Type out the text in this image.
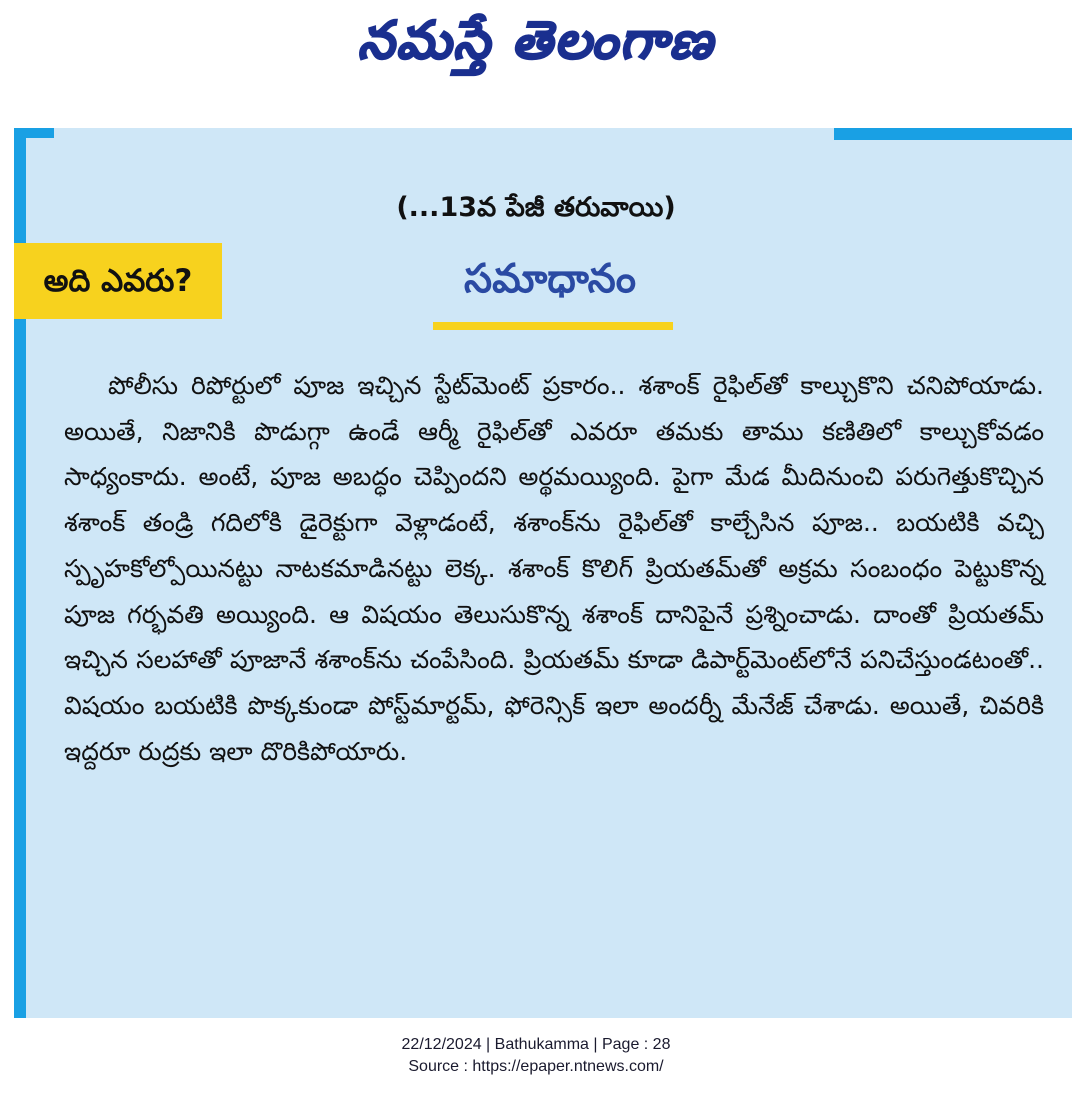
నమస్తే తెలంగాణ
(...13వ పేజీ తరువాయి)
అది ఎవరు?	సమాధానం

పోలీసు రిపోర్టులో పూజ ఇచ్చిన స్టేట్‌మెంట్ ప్రకారం.. శశాంక్ రైఫిల్‌తో కాల్చుకొని చనిపోయాడు. అయితే, నిజానికి పొడుగ్గా ఉండే ఆర్మీ రైఫిల్‌తో ఎవరూ తమకు తాము కణితిలో కాల్చుకోవడం సాధ్యంకాదు. అంటే, పూజ అబద్ధం చెప్పిందని అర్థమయ్యింది. పైగా మేడ మీదినుంచి పరుగెత్తుకొచ్చిన శశాంక్ తండ్రి గదిలోకి డైరెక్టుగా వెళ్లాడంటే, శశాంక్‌ను రైఫిల్‌తో కాల్చేసిన పూజ.. బయటికి వచ్చి స్పృహకోల్పోయినట్టు నాటకమాడినట్టు లెక్క. శశాంక్ కొలిగ్ ప్రియతమ్‌తో అక్రమ సంబంధం పెట్టుకొన్న పూజ గర్భవతి అయ్యింది. ఆ విషయం తెలుసుకొన్న శశాంక్ దానిపైనే ప్రశ్నించాడు. దాంతో ప్రియతమ్ ఇచ్చిన సలహాతో పూజానే శశాంక్‌ను చంపేసింది. ప్రియతమ్ కూడా డిపార్ట్‌మెంట్‌లోనే పనిచేస్తుండటంతో.. విషయం బయటికి పొక్కకుండా పోస్ట్‌మార్టమ్, ఫోరెన్సిక్ ఇలా అందర్నీ మేనేజ్ చేశాడు. అయితే, చివరికి ఇద్దరూ రుద్రకు ఇలా దొరికిపోయారు.

22/12/2024 | Bathukamma | Page : 28
Source : https://epaper.ntnews.com/
